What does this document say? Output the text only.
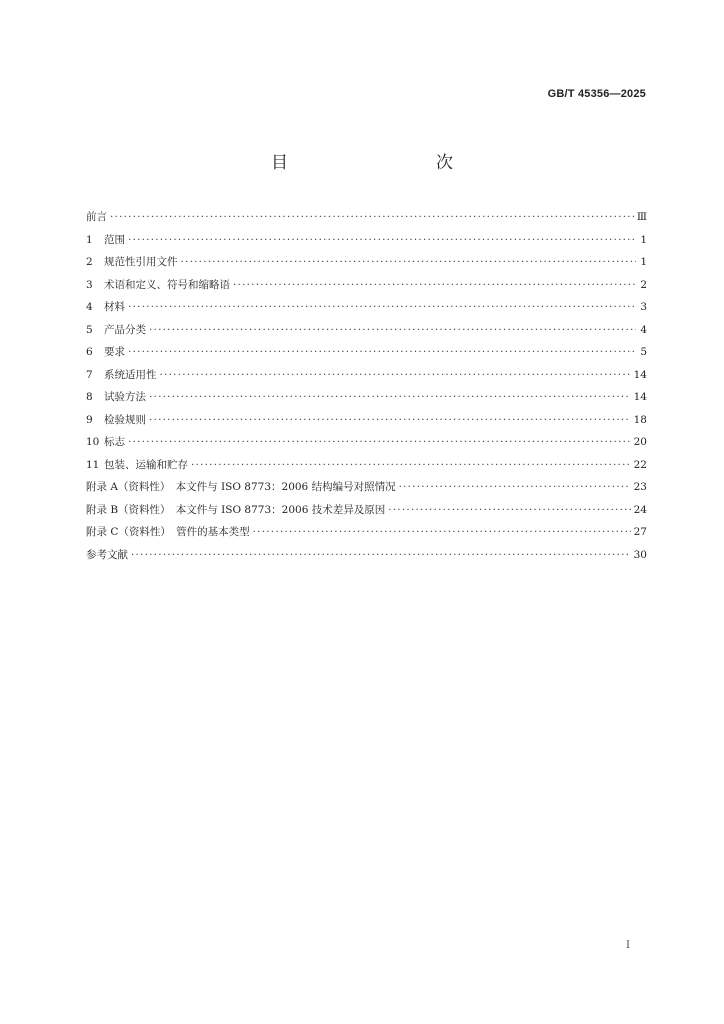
GB/T 45356—2025
目　　次
前言 ·····	Ⅲ
1 范围 ·····	1
2 规范性引用文件 ·····	1
3 术语和定义、符号和缩略语 ·····	2
4 材料 ·····	3
5 产品分类 ·····	4
6 要求 ·····	5
7 系统适用性 ·····	14
8 试验方法 ·····	14
9 检验规则 ·····	18
10 标志 ·····	20
11 包装、运输和贮存 ·····	22
附录 A（资料性）　本文件与 ISO 8773：2006 结构编号对照情况 ·····	23
附录 B（资料性）　本文件与 ISO 8773：2006 技术差异及原因 ·····	24
附录 C（资料性）　管件的基本类型 ·····	27
参考文献 ·····	30
Ⅰ
